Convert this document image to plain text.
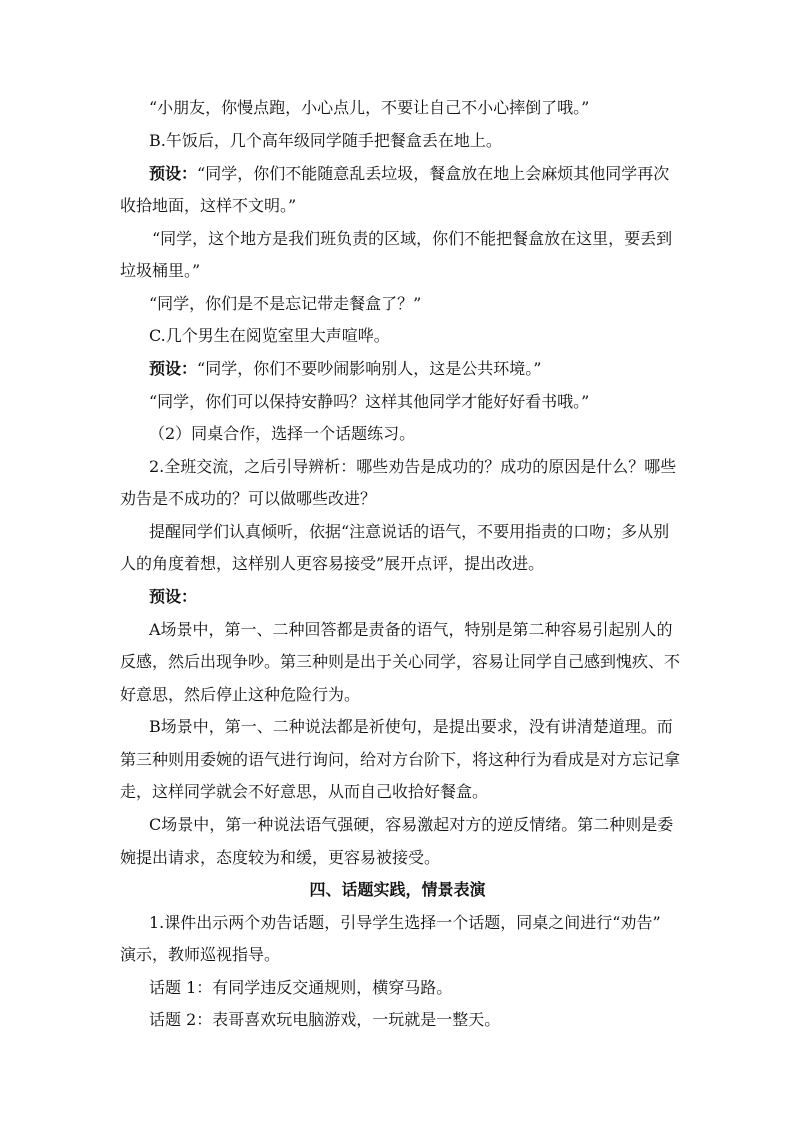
“小朋友，你慢点跑，小心点儿，不要让自己不小心摔倒了哦。”

B.午饭后，几个高年级同学随手把餐盒丢在地上。

预设：“同学，你们不能随意乱丢垃圾，餐盒放在地上会麻烦其他同学再次

收拾地面，这样不文明。”

“同学，这个地方是我们班负责的区域，你们不能把餐盒放在这里，要丢到

垃圾桶里。”

“同学，你们是不是忘记带走餐盒了？”

C.几个男生在阅览室里大声喧哗。

预设：“同学，你们不要吵闹影响别人，这是公共环境。”

“同学，你们可以保持安静吗？这样其他同学才能好好看书哦。”

（2）同桌合作，选择一个话题练习。

2.全班交流，之后引导辨析：哪些劝告是成功的？成功的原因是什么？哪些

劝告是不成功的？可以做哪些改进？

提醒同学们认真倾听，依据“注意说话的语气，不要用指责的口吻；多从别

人的角度着想，这样别人更容易接受”展开点评，提出改进。

预设：

A场景中，第一、二种回答都是责备的语气，特别是第二种容易引起别人的

反感，然后出现争吵。第三种则是出于关心同学，容易让同学自己感到愧疚、不

好意思，然后停止这种危险行为。

B场景中，第一、二种说法都是祈使句，是提出要求，没有讲清楚道理。而

第三种则用委婉的语气进行询问，给对方台阶下，将这种行为看成是对方忘记拿

走，这样同学就会不好意思，从而自己收拾好餐盒。

C场景中，第一种说法语气强硬，容易激起对方的逆反情绪。第二种则是委

婉提出请求，态度较为和缓，更容易被接受。

四、话题实践，情景表演

1.课件出示两个劝告话题，引导学生选择一个话题，同桌之间进行“劝告”

演示，教师巡视指导。

话题 1：有同学违反交通规则，横穿马路。

话题 2：表哥喜欢玩电脑游戏，一玩就是一整天。
